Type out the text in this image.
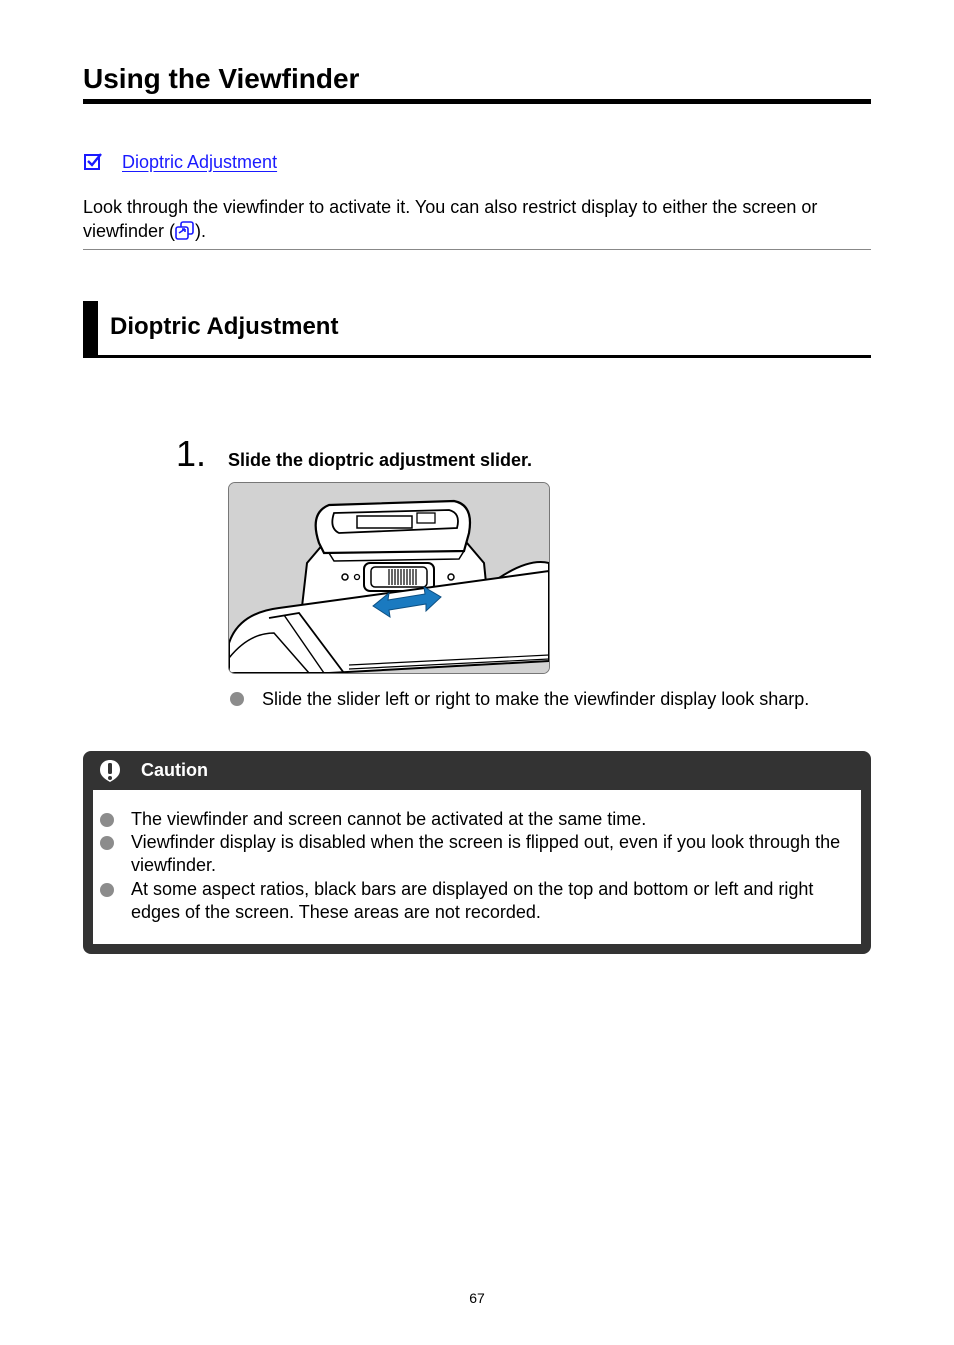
Using the Viewfinder
Dioptric Adjustment

Look through the viewfinder to activate it. You can also restrict display to either the screen or viewfinder ( ).

Dioptric Adjustment
1. Slide the dioptric adjustment slider.
Slide the slider left or right to make the viewfinder display look sharp.
Caution
The viewfinder and screen cannot be activated at the same time.
Viewfinder display is disabled when the screen is flipped out, even if you look through the viewfinder.
At some aspect ratios, black bars are displayed on the top and bottom or left and right edges of the screen. These areas are not recorded.
67
